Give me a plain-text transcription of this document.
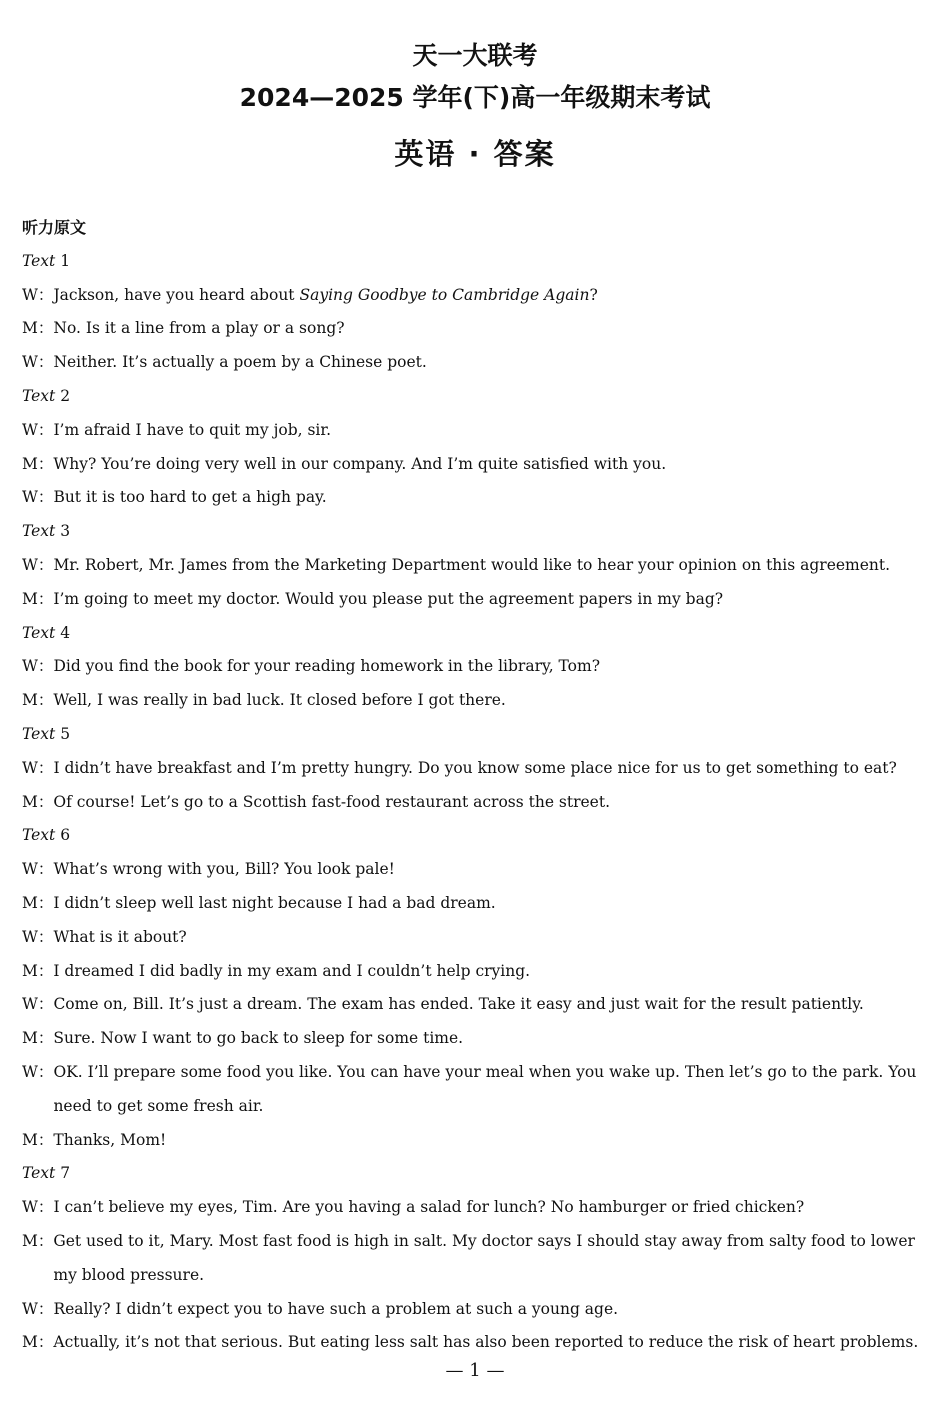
天一大联考
2024—2025 学年(下)高一年级期末考试
英语 · 答案
听力原文
Text 1
W： Jackson, have you heard about Saying Goodbye to Cambridge Again?
M： No. Is it a line from a play or a song?
W： Neither. It’s actually a poem by a Chinese poet.
Text 2
W： I’m afraid I have to quit my job, sir.
M： Why? You’re doing very well in our company. And I’m quite satisfied with you.
W： But it is too hard to get a high pay.
Text 3
W： Mr. Robert, Mr. James from the Marketing Department would like to hear your opinion on this agreement.
M： I’m going to meet my doctor. Would you please put the agreement papers in my bag?
Text 4
W： Did you find the book for your reading homework in the library, Tom?
M： Well, I was really in bad luck. It closed before I got there.
Text 5
W： I didn’t have breakfast and I’m pretty hungry. Do you know some place nice for us to get something to eat?
M： Of course! Let’s go to a Scottish fast-food restaurant across the street.
Text 6
W： What’s wrong with you, Bill? You look pale!
M： I didn’t sleep well last night because I had a bad dream.
W： What is it about?
M： I dreamed I did badly in my exam and I couldn’t help crying.
W： Come on, Bill. It’s just a dream. The exam has ended. Take it easy and just wait for the result patiently.
M： Sure. Now I want to go back to sleep for some time.
W： OK. I’ll prepare some food you like. You can have your meal when you wake up. Then let’s go to the park. You need to get some fresh air.
M： Thanks, Mom!
Text 7
W： I can’t believe my eyes, Tim. Are you having a salad for lunch? No hamburger or fried chicken?
M： Get used to it, Mary. Most fast food is high in salt. My doctor says I should stay away from salty food to lower my blood pressure.
W： Really? I didn’t expect you to have such a problem at such a young age.
M： Actually, it’s not that serious. But eating less salt has also been reported to reduce the risk of heart problems.
— 1 —
